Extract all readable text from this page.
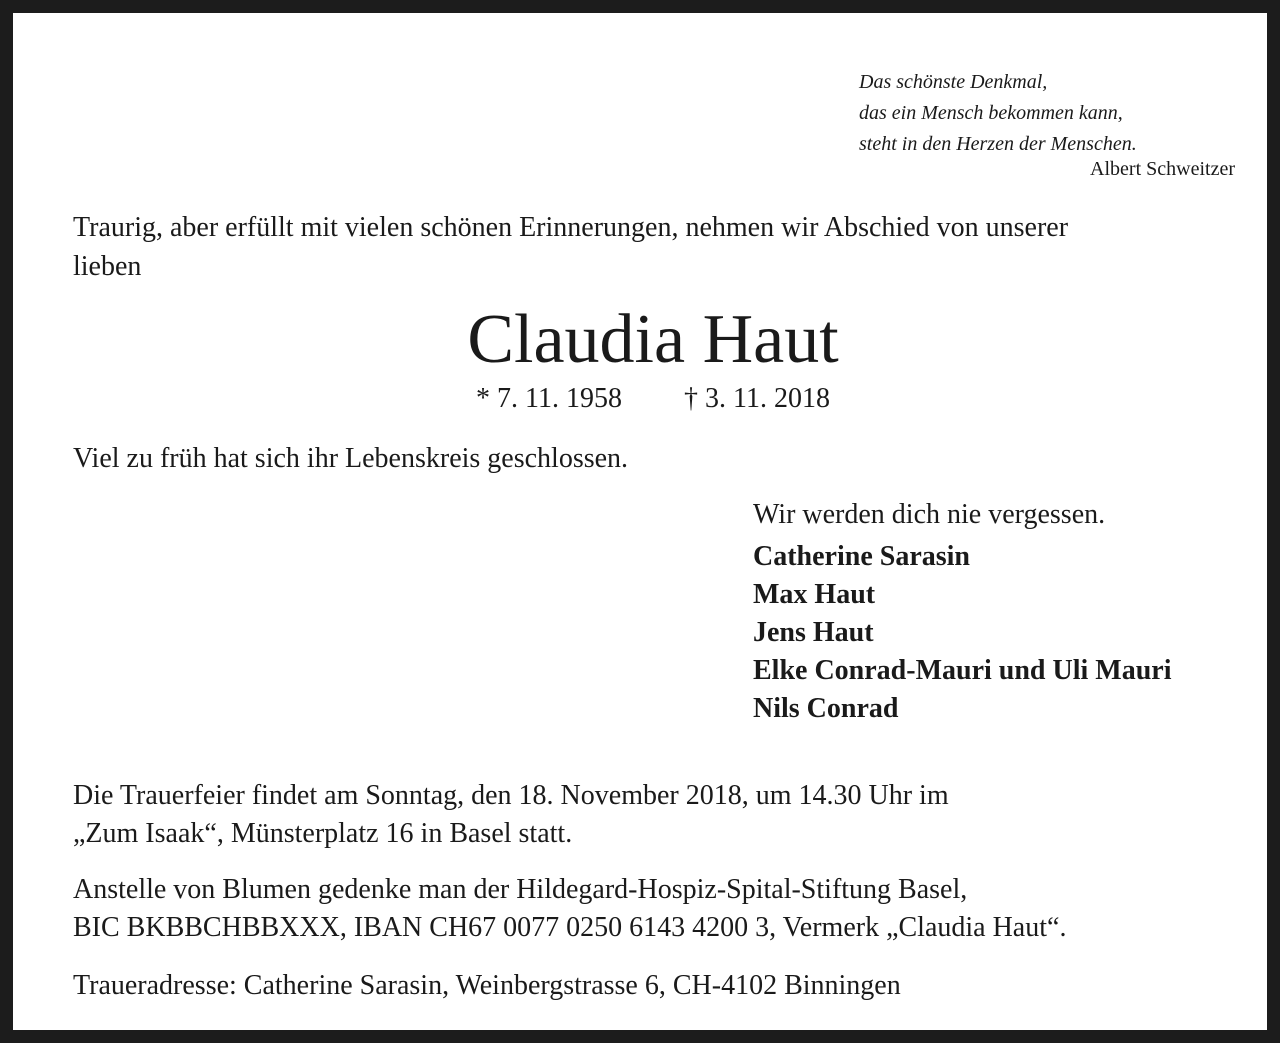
Das schönste Denkmal,
das ein Mensch bekommen kann,
steht in den Herzen der Menschen.
Albert Schweitzer
Traurig, aber erfüllt mit vielen schönen Erinnerungen, nehmen wir Abschied von unserer
lieben
Claudia Haut
* 7. 11. 1958 † 3. 11. 2018
Viel zu früh hat sich ihr Lebenskreis geschlossen.
Wir werden dich nie vergessen.
Catherine Sarasin
Max Haut
Jens Haut
Elke Conrad-Mauri und Uli Mauri
Nils Conrad
Die Trauerfeier findet am Sonntag, den 18. November 2018, um 14.30 Uhr im
„Zum Isaak“, Münsterplatz 16 in Basel statt.
Anstelle von Blumen gedenke man der Hildegard-Hospiz-Spital-Stiftung Basel,
BIC BKBBCHBBXXX, IBAN CH67 0077 0250 6143 4200 3, Vermerk „Claudia Haut“.
Traueradresse: Catherine Sarasin, Weinbergstrasse 6, CH-4102 Binningen
